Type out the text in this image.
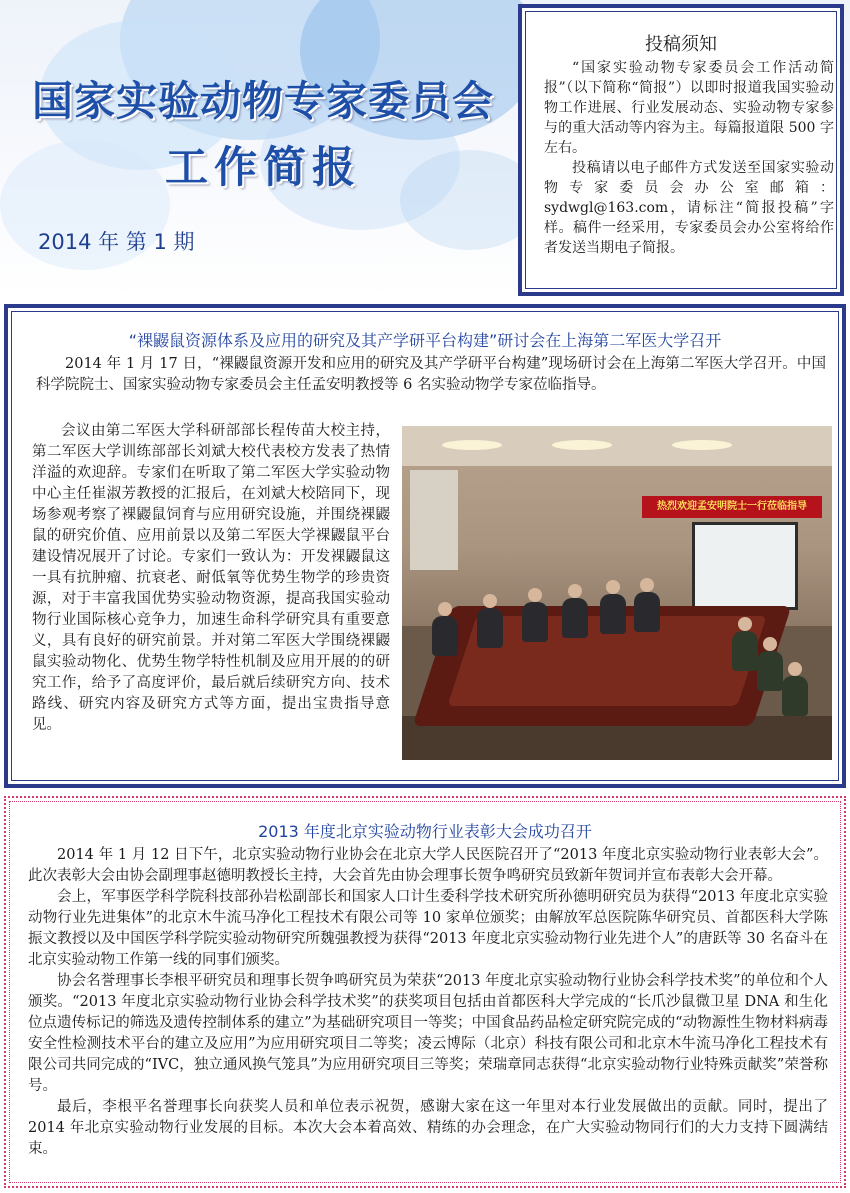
国家实验动物专家委员会
工作简报
2014 年 第 1 期
投稿须知

“国家实验动物专家委员会工作活动简报”（以下简称“简报”）以即时报道我国实验动物工作进展、行业发展动态、实验动物专家参与的重大活动等内容为主。每篇报道限 500 字左右。

投稿请以电子邮件方式发送至国家实验动物专家委员会办公室邮箱：sydwgl@163.com，请标注“简报投稿”字样。稿件一经采用，专家委员会办公室将给作者发送当期电子简报。

“裸鼹鼠资源体系及应用的研究及其产学研平台构建”研讨会在上海第二军医大学召开

2014 年 1 月 17 日，“裸鼹鼠资源开发和应用的研究及其产学研平台构建”现场研讨会在上海第二军医大学召开。中国科学院院士、国家实验动物专家委员会主任孟安明教授等 6 名实验动物学专家莅临指导。

会议由第二军医大学科研部部长程传苗大校主持，第二军医大学训练部部长刘斌大校代表校方发表了热情洋溢的欢迎辞。专家们在听取了第二军医大学实验动物中心主任崔淑芳教授的汇报后，在刘斌大校陪同下，现场参观考察了裸鼹鼠饲育与应用研究设施，并围绕裸鼹鼠的研究价值、应用前景以及第二军医大学裸鼹鼠平台建设情况展开了讨论。专家们一致认为：开发裸鼹鼠这一具有抗肿瘤、抗衰老、耐低氧等优势生物学的珍贵资源，对于丰富我国优势实验动物资源，提高我国实验动物行业国际核心竞争力，加速生命科学研究具有重要意义，具有良好的研究前景。并对第二军医大学围绕裸鼹鼠实验动物化、优势生物学特性机制及应用开展的的研究工作，给予了高度评价，最后就后续研究方向、技术路线、研究内容及研究方式等方面，提出宝贵指导意见。

热烈欢迎孟安明院士一行莅临指导
2013 年度北京实验动物行业表彰大会成功召开

2014 年 1 月 12 日下午，北京实验动物行业协会在北京大学人民医院召开了“2013 年度北京实验动物行业表彰大会”。此次表彰大会由协会副理事赵德明教授长主持，大会首先由协会理事长贺争鸣研究员致新年贺词并宣布表彰大会开幕。

会上，军事医学科学院科技部孙岩松副部长和国家人口计生委科学技术研究所孙德明研究员为获得“2013 年度北京实验动物行业先进集体”的北京木牛流马净化工程技术有限公司等 10 家单位颁奖；由解放军总医院陈华研究员、首都医科大学陈振文教授以及中国医学科学院实验动物研究所魏强教授为获得“2013 年度北京实验动物行业先进个人”的唐跃等 30 名奋斗在北京实验动物工作第一线的同事们颁奖。

协会名誉理事长李根平研究员和理事长贺争鸣研究员为荣获“2013 年度北京实验动物行业协会科学技术奖”的单位和个人颁奖。“2013 年度北京实验动物行业协会科学技术奖”的获奖项目包括由首都医科大学完成的“长爪沙鼠微卫星 DNA 和生化位点遗传标记的筛选及遗传控制体系的建立”为基础研究项目一等奖；中国食品药品检定研究院完成的“动物源性生物材料病毒安全性检测技术平台的建立及应用”为应用研究项目二等奖；凌云博际（北京）科技有限公司和北京木牛流马净化工程技术有限公司共同完成的“IVC，独立通风换气笼具”为应用研究项目三等奖；荣瑞章同志获得“北京实验动物行业特殊贡献奖”荣誉称号。

最后，李根平名誉理事长向获奖人员和单位表示祝贺，感谢大家在这一年里对本行业发展做出的贡献。同时，提出了 2014 年北京实验动物行业发展的目标。本次大会本着高效、精练的办会理念，在广大实验动物同行们的大力支持下圆满结束。
